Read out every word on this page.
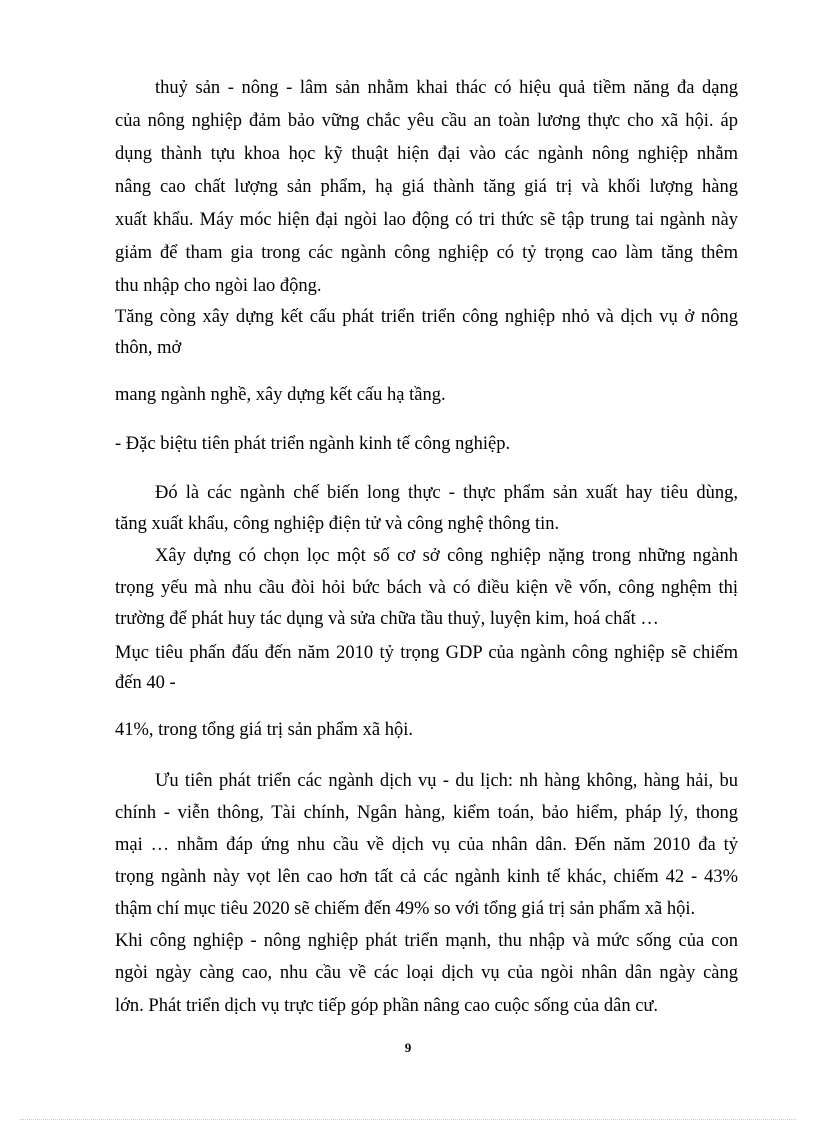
thuỷ sản - nông - lâm sản nhằm khai thác có hiệu quả tiềm năng đa dạng
của nông nghiệp đảm bảo vững chắc yêu cầu an toàn lương thực cho xã hội. áp
dụng thành tựu khoa học kỹ thuật hiện đại vào các ngành nông nghiệp nhằm
nâng cao chất lượng sản phẩm, hạ giá thành tăng giá trị và khối lượng hàng
xuất khẩu. Máy móc hiện đại ngòi lao động có tri thức sẽ tập trung tai ngành này
giảm để tham gia trong các ngành công nghiệp có tỷ trọng cao làm tăng thêm
thu nhập cho ngòi lao động.
Tăng còng xây dựng kết cấu phát triển triển công nghiệp nhỏ và dịch vụ ở nông
thôn, mở
mang ngành nghề, xây dựng kết cấu hạ tầng.
- Đặc biệtu tiên phát triển ngành kinh tế công nghiệp.
Đó là các ngành chế biến long thực - thực phẩm sản xuất hay tiêu dùng,
tăng xuất khẩu, công nghiệp điện tử và công nghệ thông tin.
Xây dựng có chọn lọc một số cơ sở công nghiệp nặng trong những ngành
trọng yếu mà nhu cầu đòi hỏi bức bách và có điều kiện về vốn, công nghệm thị
trường để phát huy tác dụng và sửa chữa tầu thuỷ, luyện kim, hoá chất …
Mục tiêu phấn đấu đến năm 2010 tỷ trọng GDP của ngành công nghiệp sẽ chiếm
đến 40 -
41%, trong tổng giá trị sản phẩm xã hội.
Ưu tiên phát triển các ngành dịch vụ - du lịch: nh hàng không, hàng hải, bu
chính - viễn thông, Tài chính, Ngân hàng, kiểm toán, bảo hiểm, pháp lý, thong
mại … nhằm đáp ứng nhu cầu về dịch vụ của nhân dân. Đến năm 2010 đa tỷ
trọng ngành này vọt lên cao hơn tất cả các ngành kinh tế khác, chiếm 42 - 43%
thậm chí mục tiêu 2020 sẽ chiếm đến 49% so với tổng giá trị sản phẩm xã hội.
Khi công nghiệp - nông nghiệp phát triển mạnh, thu nhập và mức sống của con
ngòi ngày càng cao, nhu cầu về các loại dịch vụ của ngòi nhân dân ngày càng
lớn. Phát triển dịch vụ trực tiếp góp phần nâng cao cuộc sống của dân cư.
9
